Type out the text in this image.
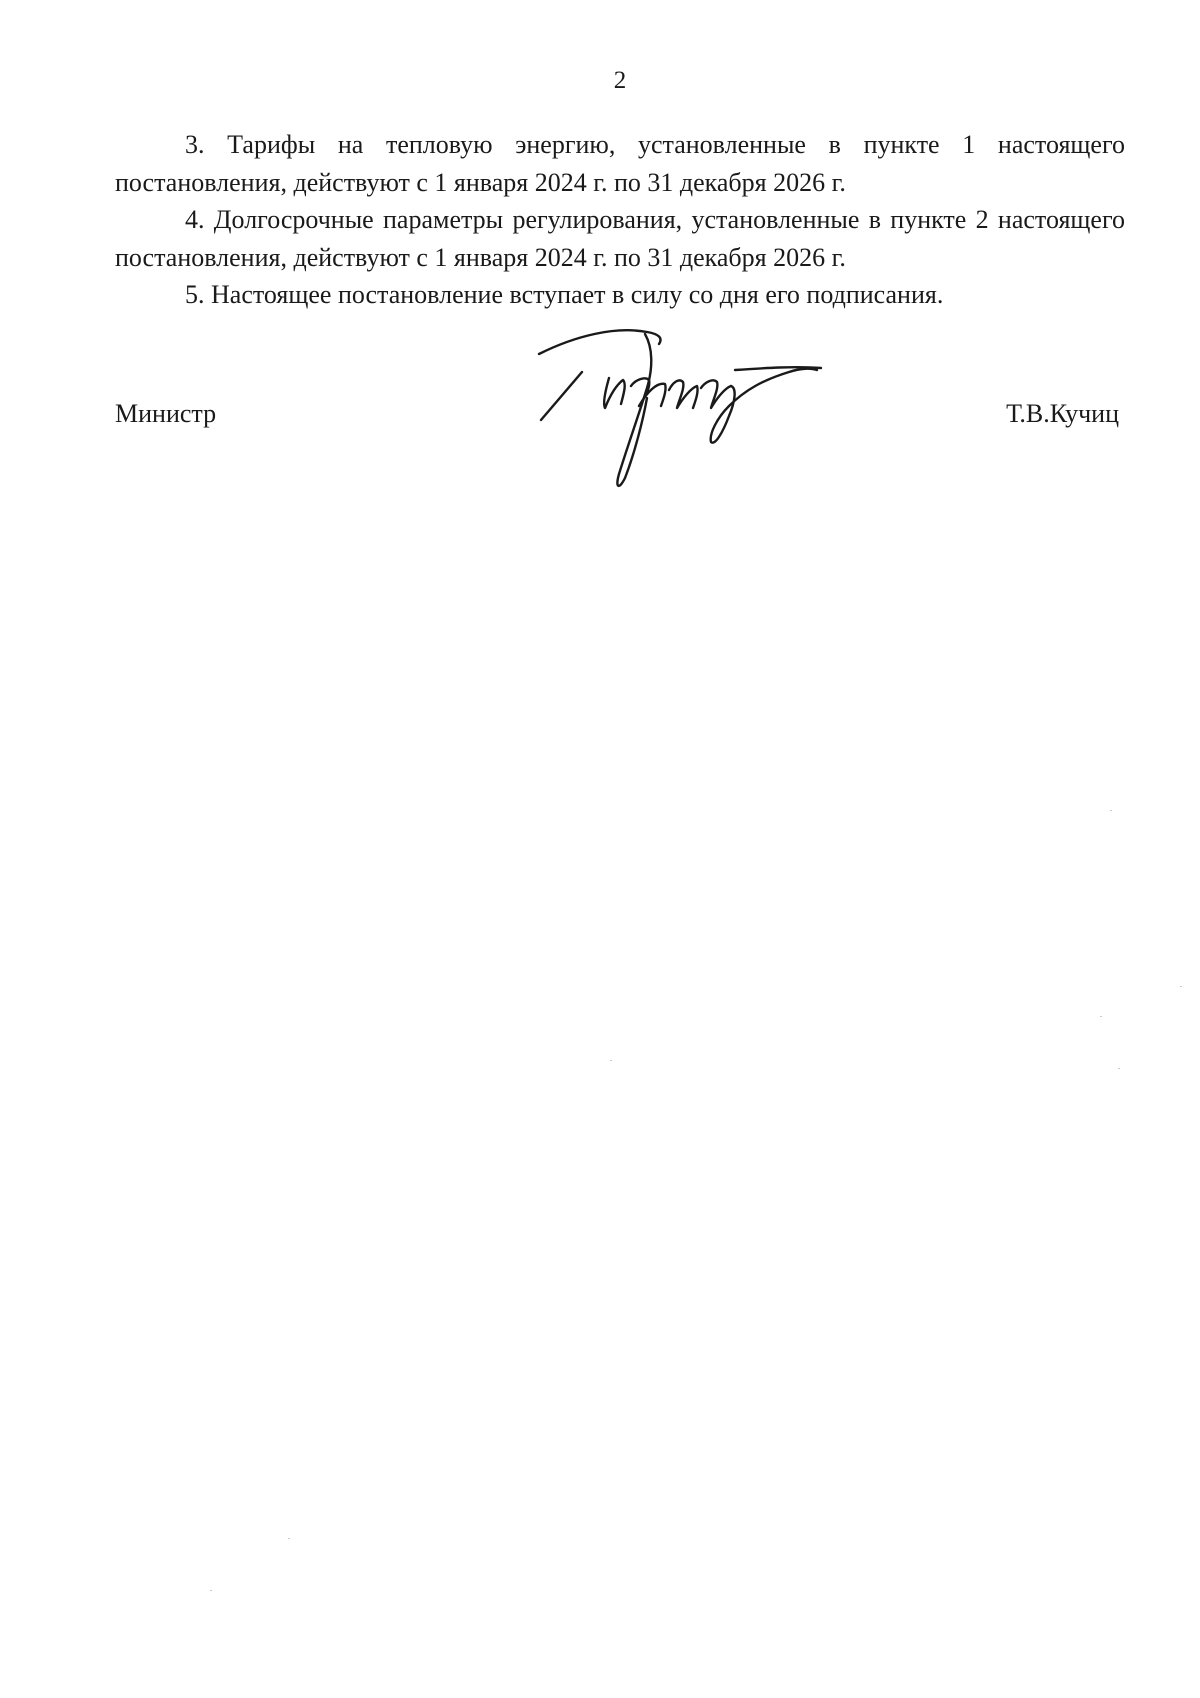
2

3. Тарифы на тепловую энергию, установленные в пункте 1 настоящего постановления, действуют с 1 января 2024 г. по 31 декабря 2026 г.

4. Долгосрочные параметры регулирования, установленные в пункте 2 настоящего постановления, действуют с 1 января 2024 г. по 31 декабря 2026 г.

5. Настоящее постановление вступает в силу со дня его подписания.

Министр	Т.В.Кучиц
